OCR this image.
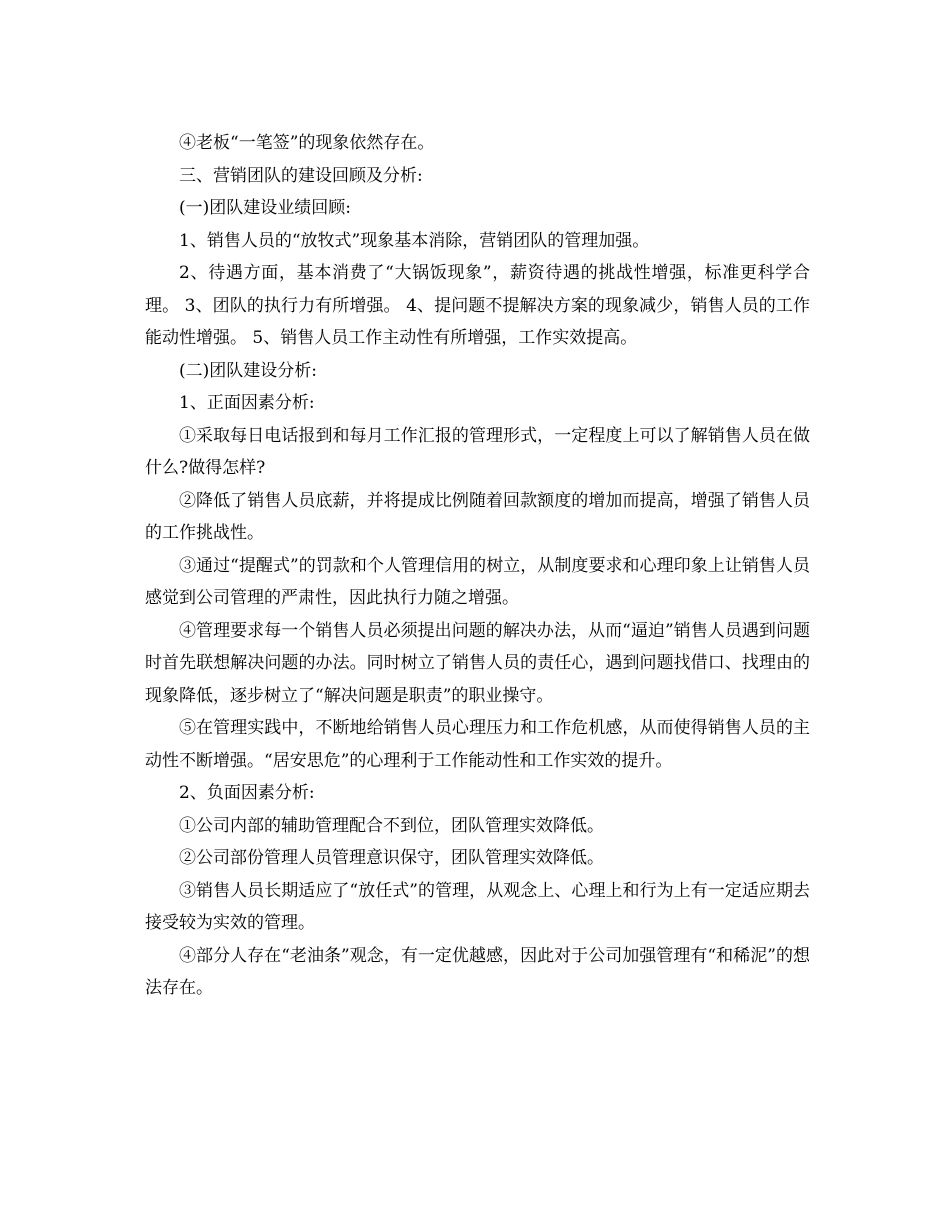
④老板“一笔签”的现象依然存在。

三、营销团队的建设回顾及分析:

(一)团队建设业绩回顾:

1、销售人员的“放牧式”现象基本消除，营销团队的管理加强。

2、待遇方面，基本消费了“大锅饭现象”，薪资待遇的挑战性增强，标准更科学合理。 3、团队的执行力有所增强。 4、提问题不提解决方案的现象减少，销售人员的工作能动性增强。 5、销售人员工作主动性有所增强，工作实效提高。

(二)团队建设分析:

1、正面因素分析:

①采取每日电话报到和每月工作汇报的管理形式，一定程度上可以了解销售人员在做什么?做得怎样?

②降低了销售人员底薪，并将提成比例随着回款额度的增加而提高，增强了销售人员的工作挑战性。

③通过“提醒式”的罚款和个人管理信用的树立，从制度要求和心理印象上让销售人员感觉到公司管理的严肃性，因此执行力随之增强。

④管理要求每一个销售人员必须提出问题的解决办法，从而“逼迫”销售人员遇到问题时首先联想解决问题的办法。同时树立了销售人员的责任心，遇到问题找借口、找理由的现象降低，逐步树立了“解决问题是职责”的职业操守。

⑤在管理实践中，不断地给销售人员心理压力和工作危机感，从而使得销售人员的主动性不断增强。“居安思危”的心理利于工作能动性和工作实效的提升。

2、负面因素分析:

①公司内部的辅助管理配合不到位，团队管理实效降低。

②公司部份管理人员管理意识保守，团队管理实效降低。

③销售人员长期适应了“放任式”的管理，从观念上、心理上和行为上有一定适应期去接受较为实效的管理。

④部分人存在“老油条”观念，有一定优越感，因此对于公司加强管理有“和稀泥”的想法存在。
